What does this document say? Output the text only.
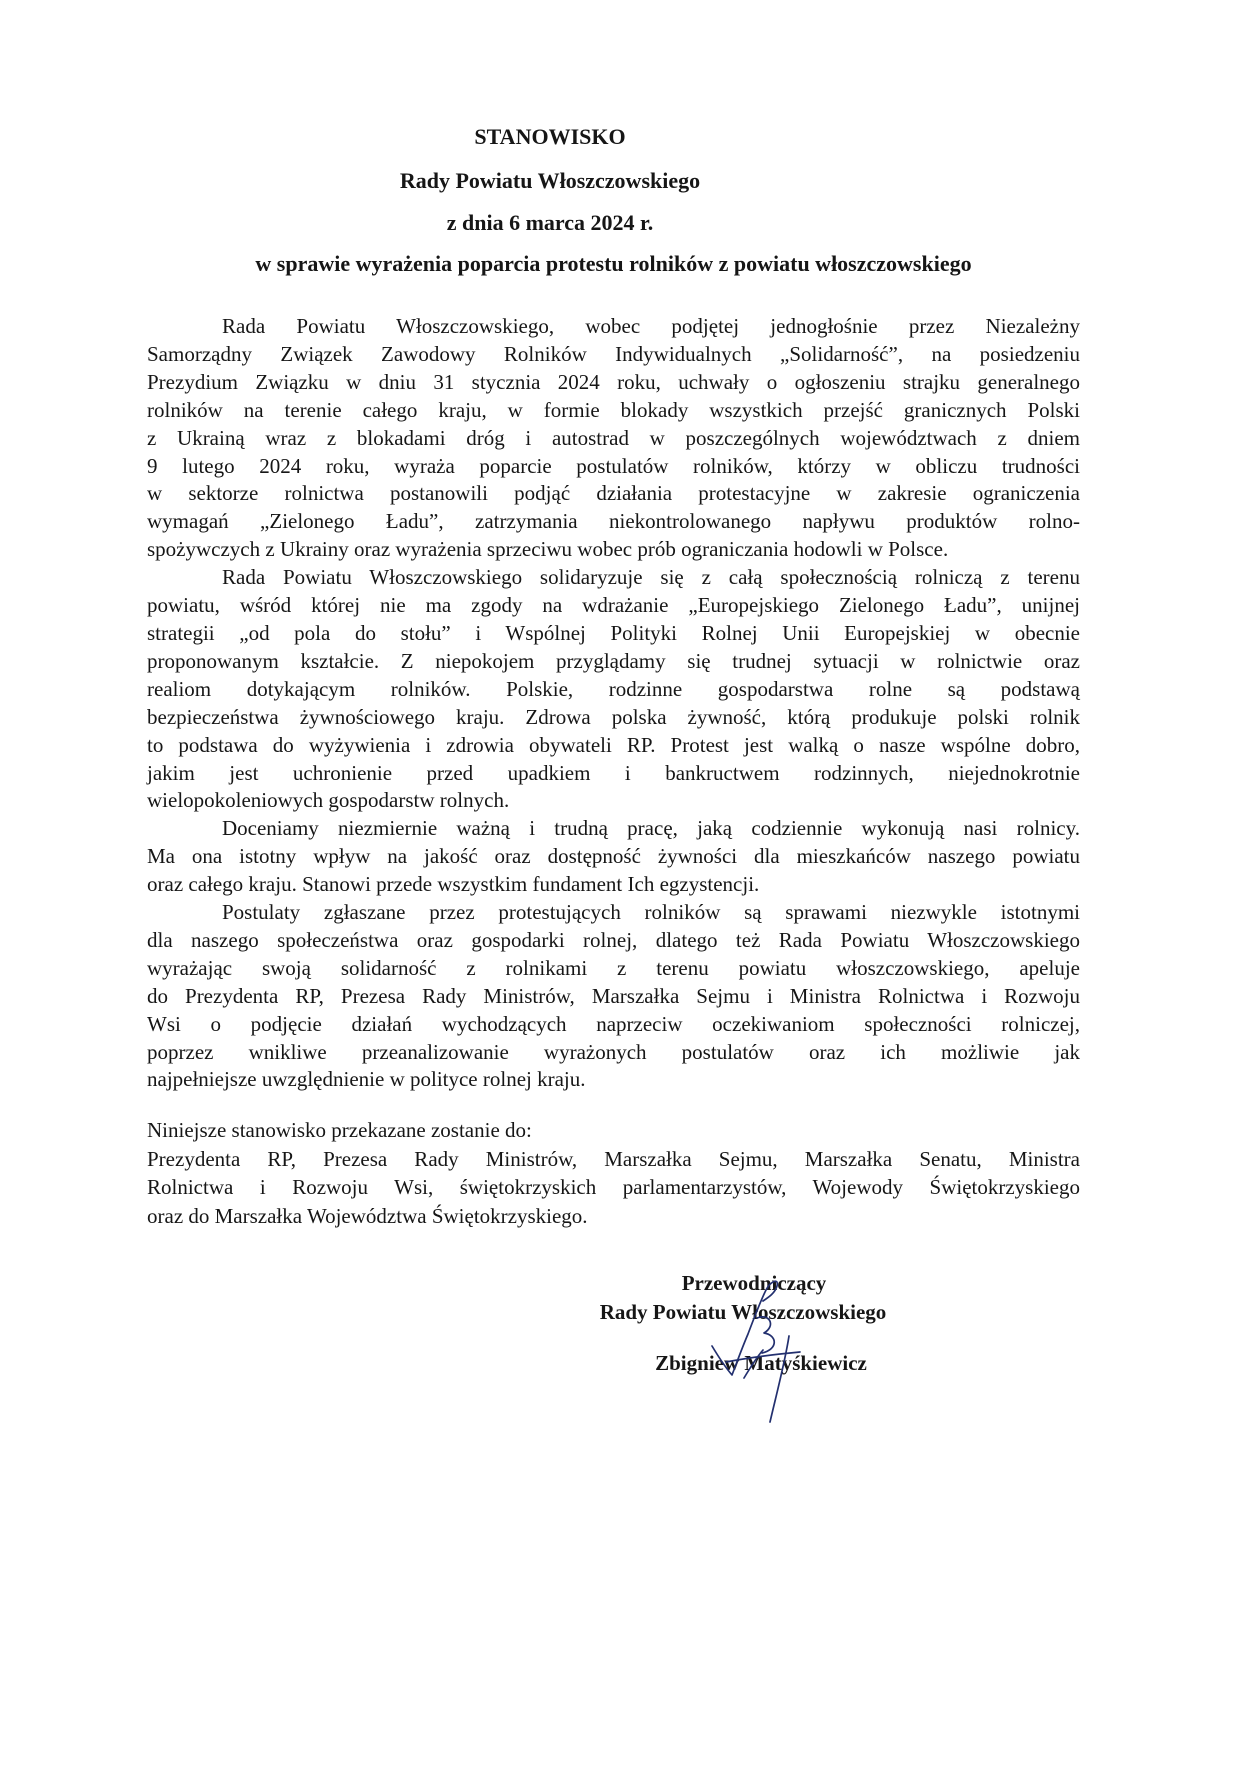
STANOWISKO
Rady Powiatu Włoszczowskiego
z dnia 6 marca 2024 r.
w sprawie wyrażenia poparcia protestu rolników z powiatu włoszczowskiego
Rada Powiatu Włoszczowskiego, wobec podjętej jednogłośnie przez Niezależny
Samorządny Związek Zawodowy Rolników Indywidualnych „Solidarność”, na posiedzeniu
Prezydium Związku w dniu 31 stycznia 2024 roku, uchwały o ogłoszeniu strajku generalnego
rolników na terenie całego kraju, w formie blokady wszystkich przejść granicznych Polski
z Ukrainą wraz z blokadami dróg i autostrad w poszczególnych województwach z dniem
9 lutego 2024 roku, wyraża poparcie postulatów rolników, którzy w obliczu trudności
w sektorze rolnictwa postanowili podjąć działania protestacyjne w zakresie ograniczenia
wymagań „Zielonego Ładu”, zatrzymania niekontrolowanego napływu produktów rolno-
spożywczych z Ukrainy oraz wyrażenia sprzeciwu wobec prób ograniczania hodowli w Polsce.
Rada Powiatu Włoszczowskiego solidaryzuje się z całą społecznością rolniczą z terenu
powiatu, wśród której nie ma zgody na wdrażanie „Europejskiego Zielonego Ładu”, unijnej
strategii „od pola do stołu” i Wspólnej Polityki Rolnej Unii Europejskiej w obecnie
proponowanym kształcie. Z niepokojem przyglądamy się trudnej sytuacji w rolnictwie oraz
realiom dotykającym rolników. Polskie, rodzinne gospodarstwa rolne są podstawą
bezpieczeństwa żywnościowego kraju. Zdrowa polska żywność, którą produkuje polski rolnik
to podstawa do wyżywienia i zdrowia obywateli RP. Protest jest walką o nasze wspólne dobro,
jakim jest uchronienie przed upadkiem i bankructwem rodzinnych, niejednokrotnie
wielopokoleniowych gospodarstw rolnych.
Doceniamy niezmiernie ważną i trudną pracę, jaką codziennie wykonują nasi rolnicy.
Ma ona istotny wpływ na jakość oraz dostępność żywności dla mieszkańców naszego powiatu
oraz całego kraju. Stanowi przede wszystkim fundament Ich egzystencji.
Postulaty zgłaszane przez protestujących rolników są sprawami niezwykle istotnymi
dla naszego społeczeństwa oraz gospodarki rolnej, dlatego też Rada Powiatu Włoszczowskiego
wyrażając swoją solidarność z rolnikami z terenu powiatu włoszczowskiego, apeluje
do Prezydenta RP, Prezesa Rady Ministrów, Marszałka Sejmu i Ministra Rolnictwa i Rozwoju
Wsi o podjęcie działań wychodzących naprzeciw oczekiwaniom społeczności rolniczej,
poprzez wnikliwe przeanalizowanie wyrażonych postulatów oraz ich możliwie jak
najpełniejsze uwzględnienie w polityce rolnej kraju.
Niniejsze stanowisko przekazane zostanie do:
Prezydenta RP, Prezesa Rady Ministrów, Marszałka Sejmu, Marszałka Senatu, Ministra
Rolnictwa i Rozwoju Wsi, świętokrzyskich parlamentarzystów, Wojewody Świętokrzyskiego
oraz do Marszałka Województwa Świętokrzyskiego.
Przewodniczący
Rady Powiatu Włoszczowskiego
Zbigniew Matyśkiewicz
